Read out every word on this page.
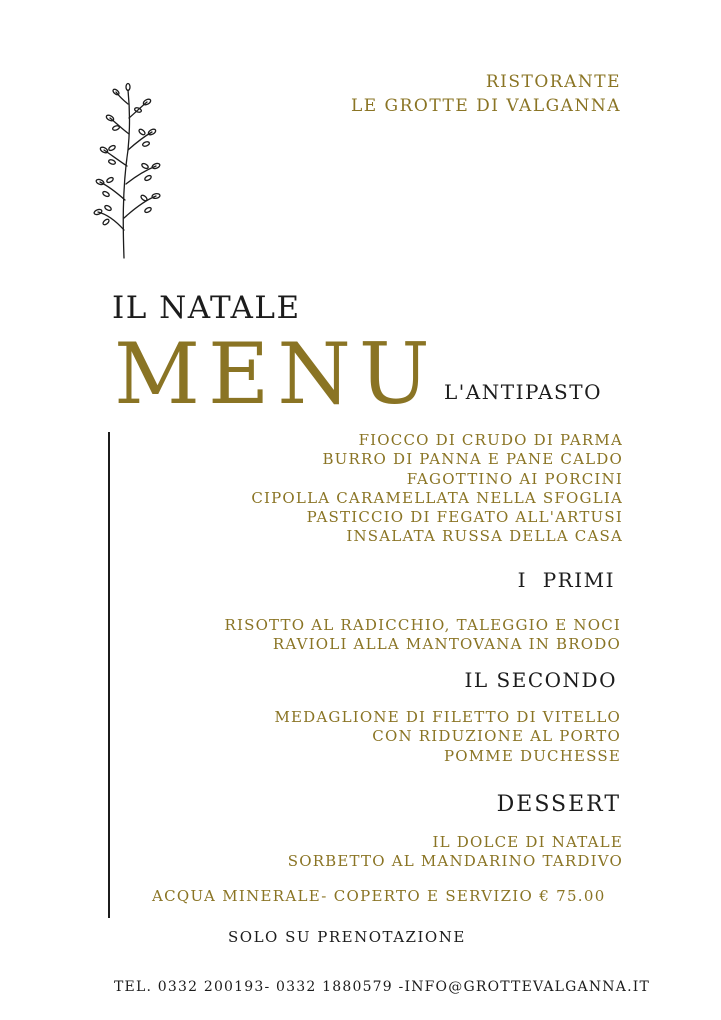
RISTORANTE
LE GROTTE DI VALGANNA
IL NATALE
MENU L'ANTIPASTO
FIOCCO DI CRUDO DI PARMA
BURRO DI PANNA E PANE CALDO
FAGOTTINO AI PORCINI
CIPOLLA CARAMELLATA NELLA SFOGLIA
PASTICCIO DI FEGATO ALL'ARTUSI
INSALATA RUSSA DELLA CASA
I  PRIMI
RISOTTO AL RADICCHIO, TALEGGIO E NOCI
RAVIOLI ALLA MANTOVANA IN BRODO
IL SECONDO
MEDAGLIONE DI FILETTO DI VITELLO
CON RIDUZIONE AL PORTO
POMME DUCHESSE
DESSERT
IL DOLCE DI NATALE
SORBETTO AL MANDARINO TARDIVO
ACQUA MINERALE- COPERTO E SERVIZIO € 75.00
SOLO SU PRENOTAZIONE
TEL. 0332 200193- 0332 1880579 -INFO@GROTTEVALGANNA.IT
